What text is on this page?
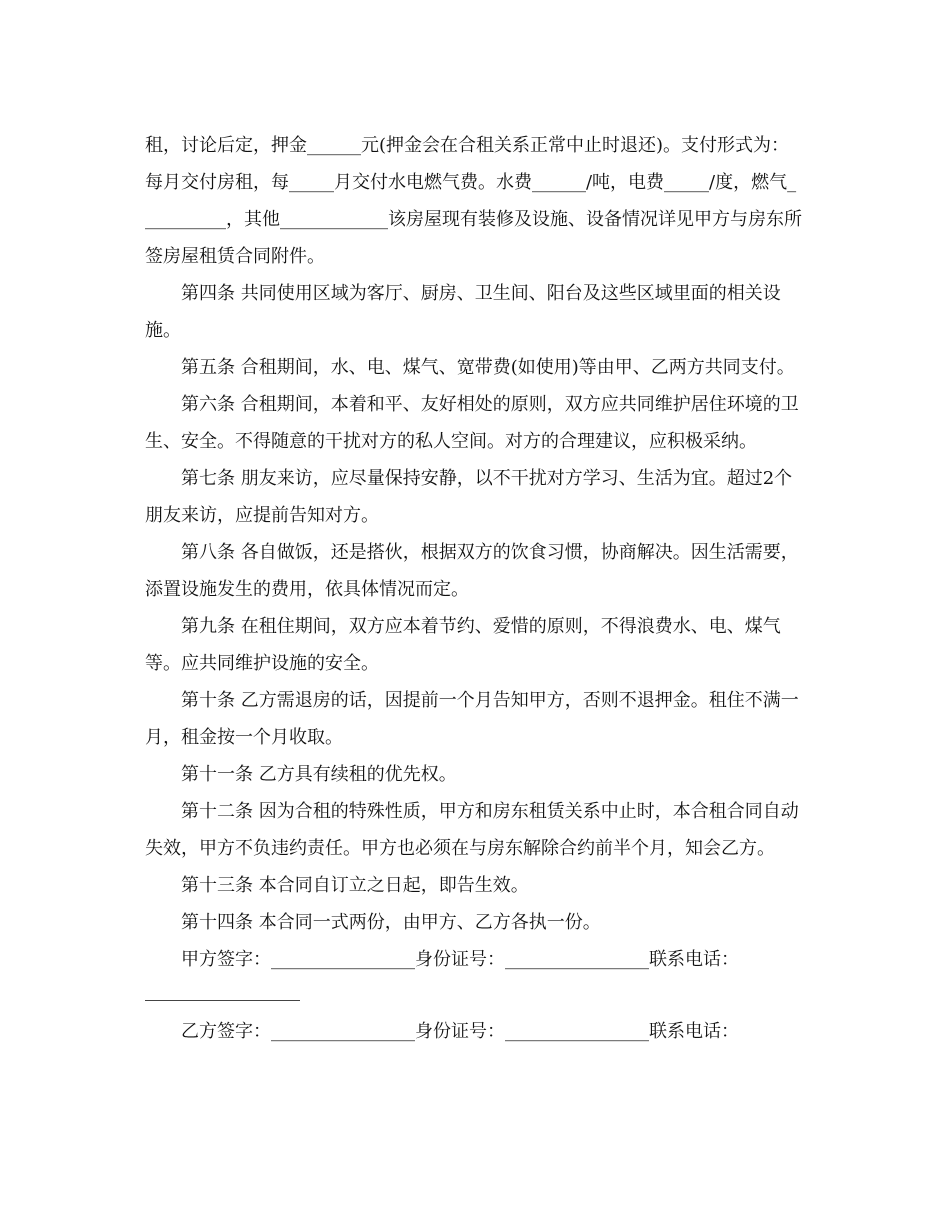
租，讨论后定，押金______元(押金会在合租关系正常中止时退还)。支付形式为：每月交付房租，每_____月交付水电燃气费。水费______/吨，电费_____/度，燃气__________，其他____________该房屋现有装修及设施、设备情况详见甲方与房东所签房屋租赁合同附件。

第四条 共同使用区域为客厅、厨房、卫生间、阳台及这些区域里面的相关设施。

第五条 合租期间，水、电、煤气、宽带费(如使用)等由甲、乙两方共同支付。

第六条 合租期间，本着和平、友好相处的原则，双方应共同维护居住环境的卫生、安全。不得随意的干扰对方的私人空间。对方的合理建议，应积极采纳。

第七条 朋友来访，应尽量保持安静，以不干扰对方学习、生活为宜。超过2个朋友来访，应提前告知对方。

第八条 各自做饭，还是搭伙，根据双方的饮食习惯，协商解决。因生活需要，添置设施发生的费用，依具体情况而定。

第九条 在租住期间，双方应本着节约、爱惜的原则，不得浪费水、电、煤气等。应共同维护设施的安全。

第十条 乙方需退房的话，因提前一个月告知甲方，否则不退押金。租住不满一月，租金按一个月收取。

第十一条 乙方具有续租的优先权。

第十二条 因为合租的特殊性质，甲方和房东租赁关系中止时，本合租合同自动失效，甲方不负违约责任。甲方也必须在与房东解除合约前半个月，知会乙方。

第十三条 本合同自订立之日起，即告生效。

第十四条 本合同一式两份，由甲方、乙方各执一份。

甲方签字：________________身份证号：________________联系电话：

乙方签字：________________身份证号：________________联系电话：
